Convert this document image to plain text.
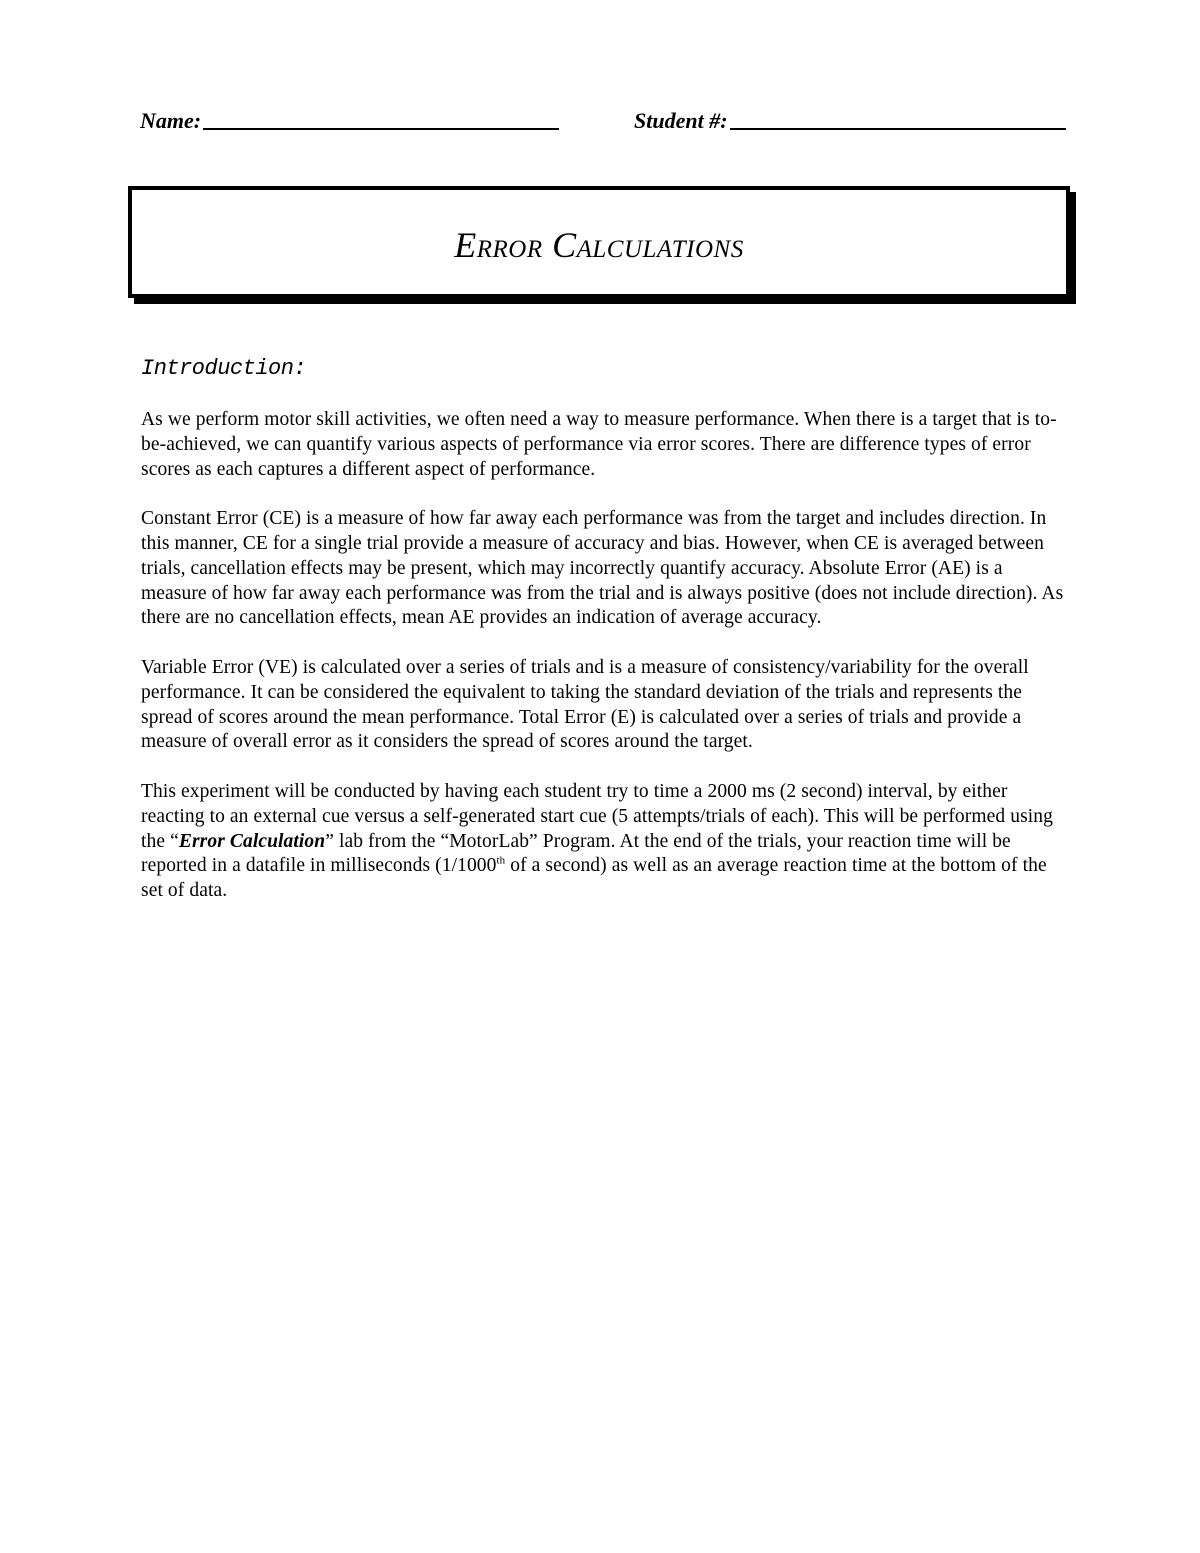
Name:	Student #:
Error Calculations
Introduction:

As we perform motor skill activities, we often need a way to measure performance. When there is a target that is to-be-achieved, we can quantify various aspects of performance via error scores. There are difference types of error scores as each captures a different aspect of performance.

Constant Error (CE) is a measure of how far away each performance was from the target and includes direction. In this manner, CE for a single trial provide a measure of accuracy and bias. However, when CE is averaged between trials, cancellation effects may be present, which may incorrectly quantify accuracy. Absolute Error (AE) is a measure of how far away each performance was from the trial and is always positive (does not include direction). As there are no cancellation effects, mean AE provides an indication of average accuracy.

Variable Error (VE) is calculated over a series of trials and is a measure of consistency/variability for the overall performance. It can be considered the equivalent to taking the standard deviation of the trials and represents the spread of scores around the mean performance. Total Error (E) is calculated over a series of trials and provide a measure of overall error as it considers the spread of scores around the target.

This experiment will be conducted by having each student try to time a 2000 ms (2 second) interval, by either reacting to an external cue versus a self-generated start cue (5 attempts/trials of each). This will be performed using the “Error Calculation” lab from the “MotorLab” Program. At the end of the trials, your reaction time will be reported in a datafile in milliseconds (1/1000th of a second) as well as an average reaction time at the bottom of the set of data.
